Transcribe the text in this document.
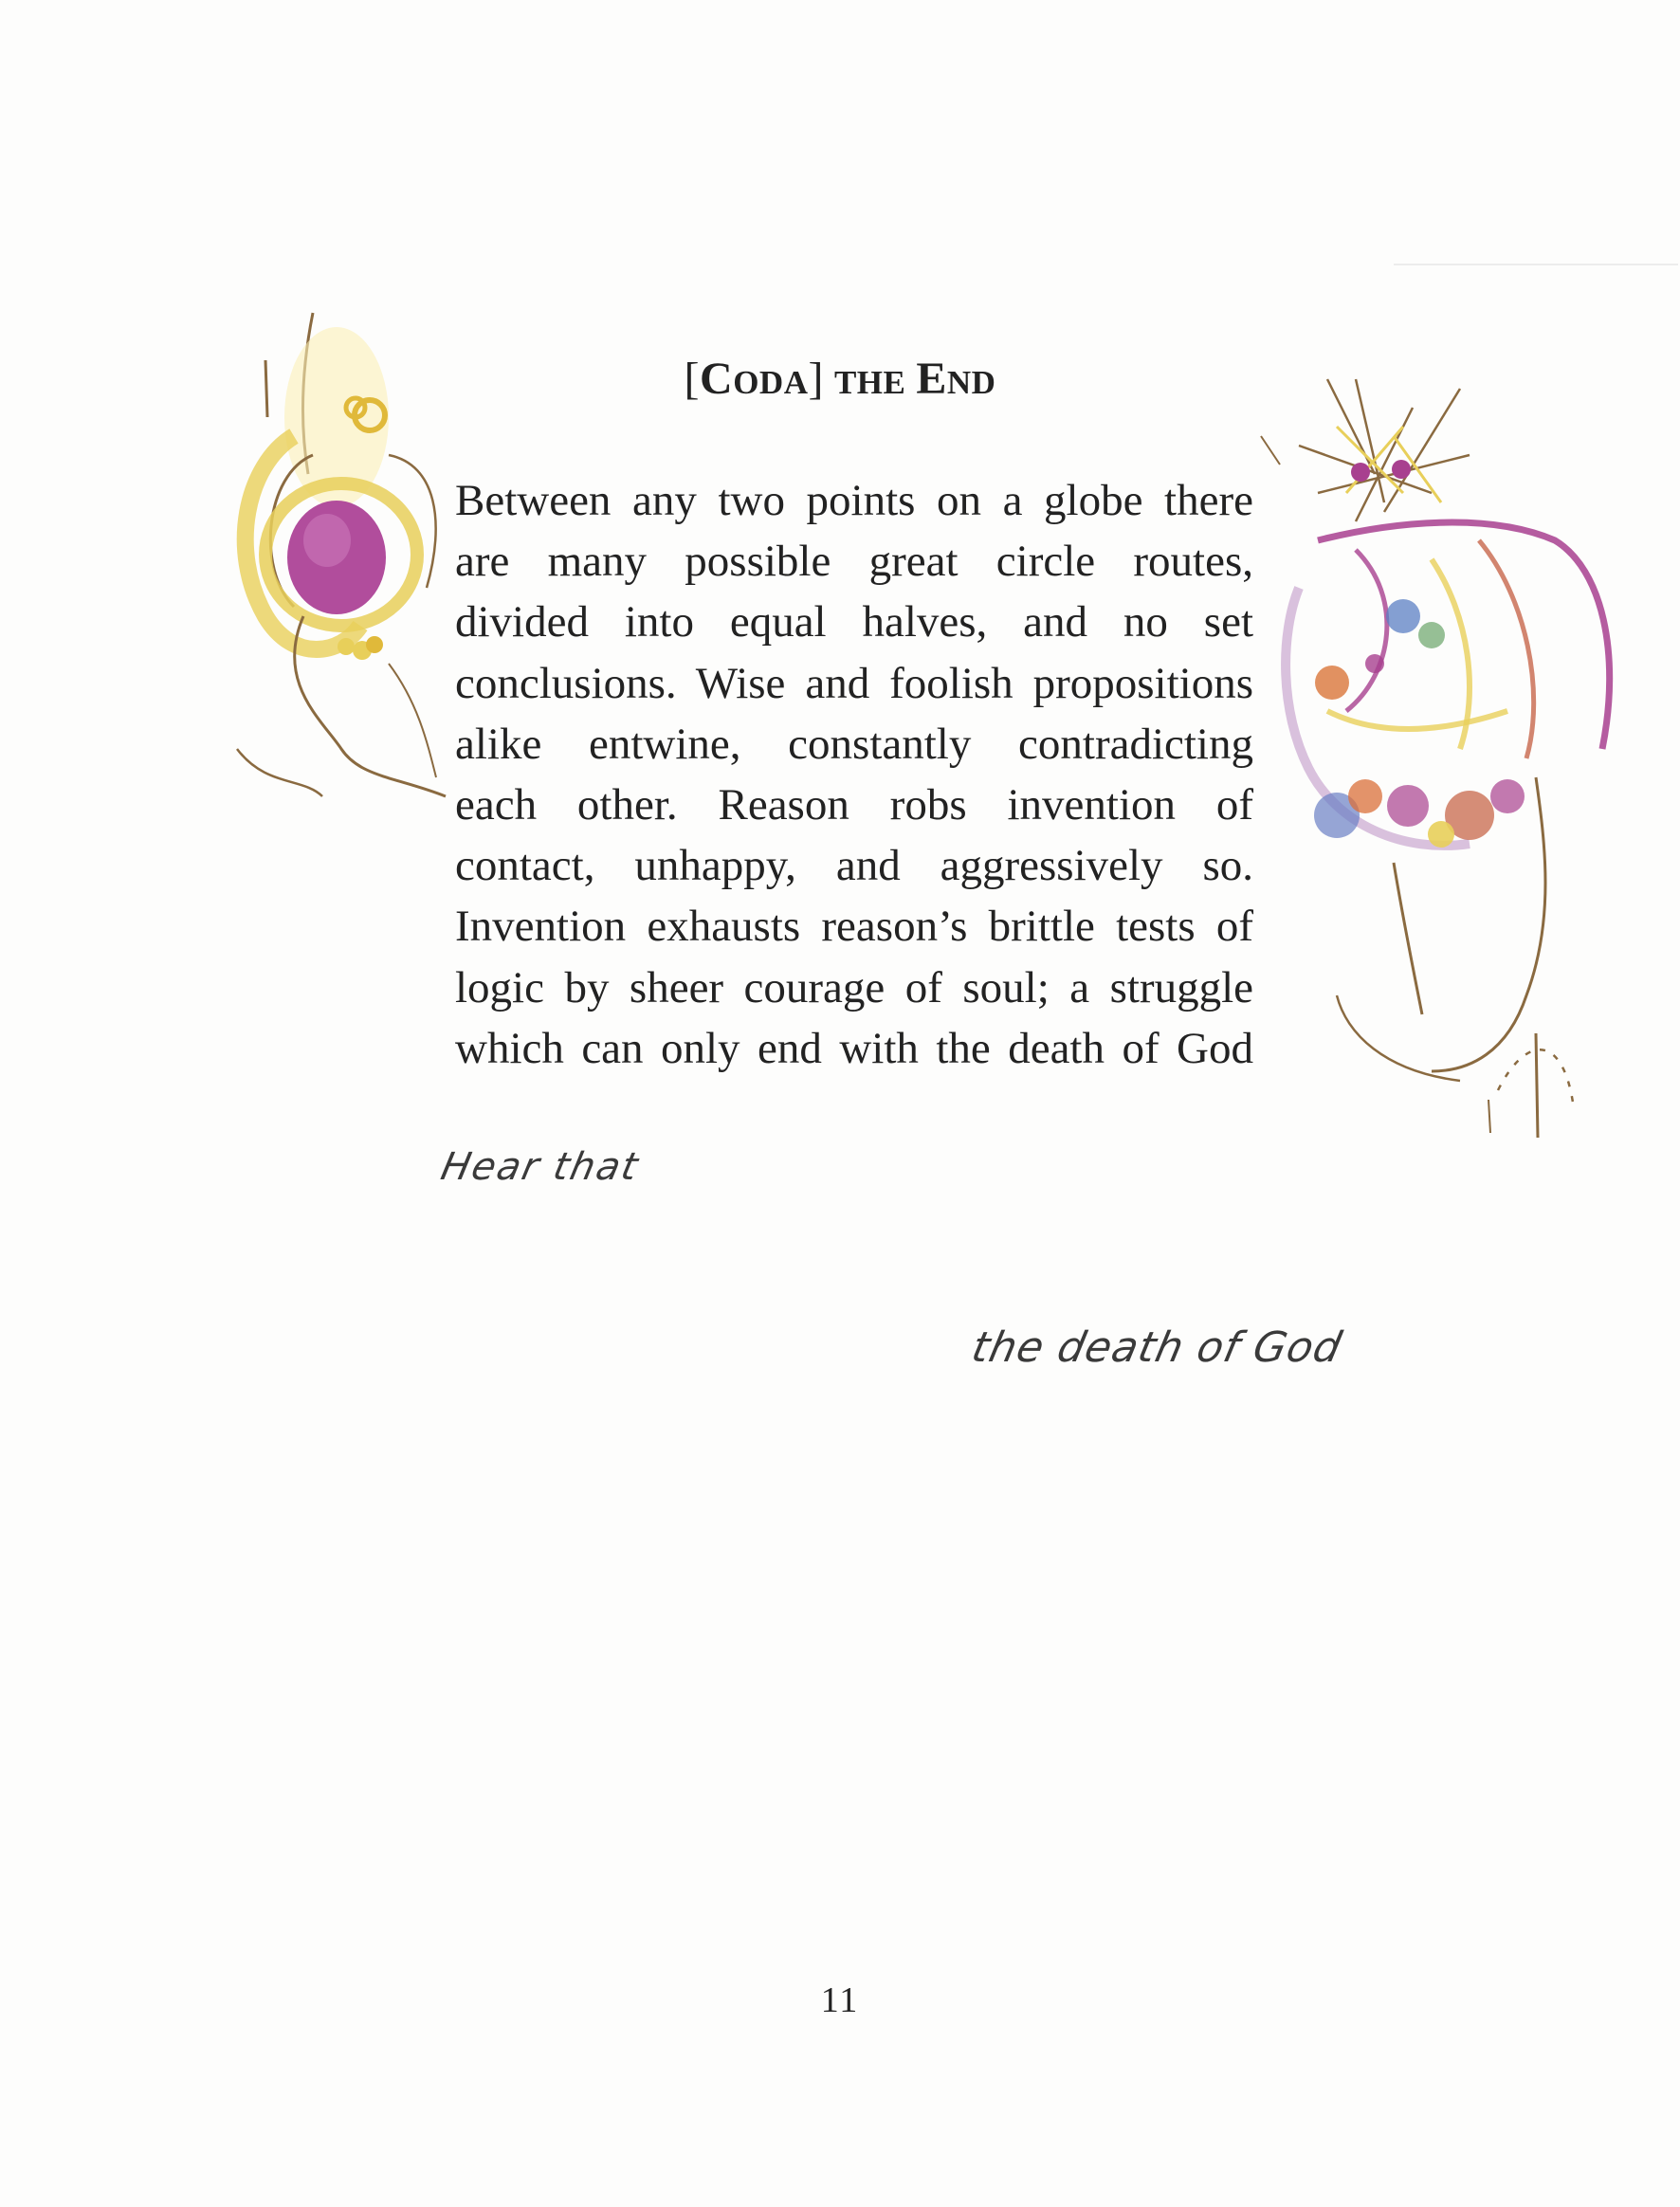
[CODA] THE END

Between any two points on a globe there
are many possible great circle routes,
divided into equal halves, and no set
conclusions. Wise and foolish propositions
alike entwine, constantly contradicting
each other. Reason robs invention of
contact, unhappy, and aggressively so.
Invention exhausts reason’s brittle tests of
logic by sheer courage of soul; a struggle
which can only end with the death of God

Hear that
the death of God
11
